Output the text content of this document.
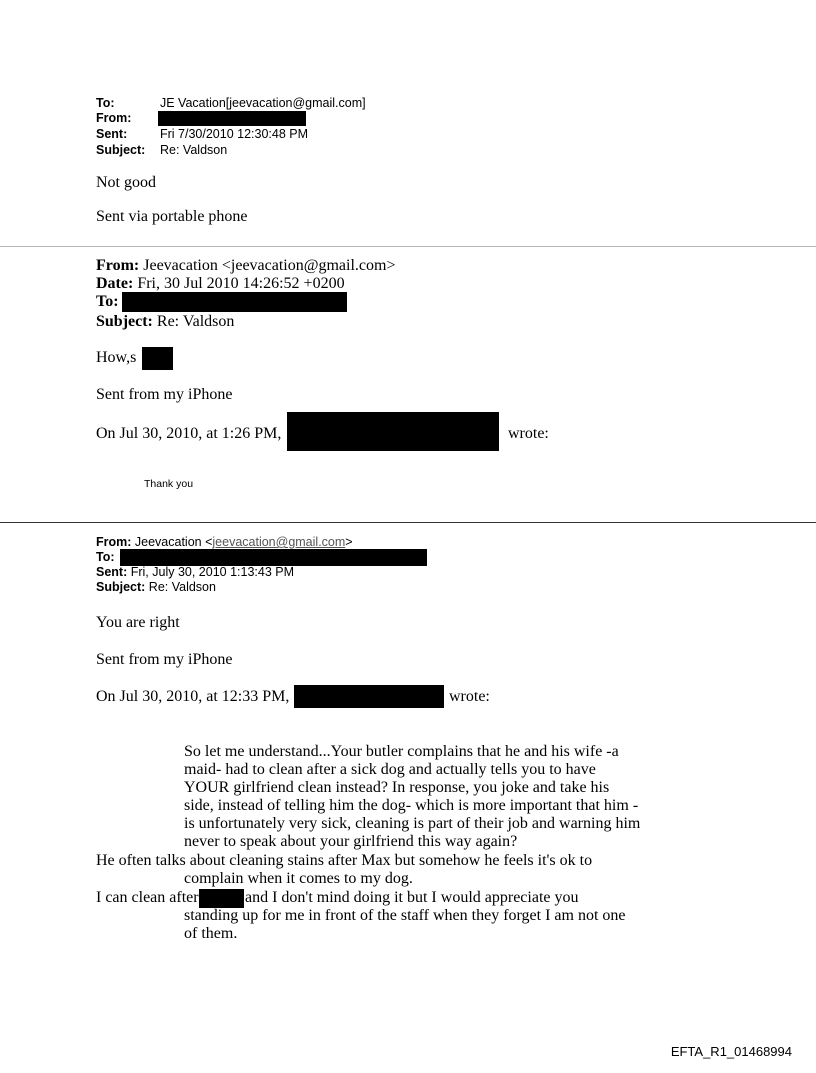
To:	JE Vacation[jeevacation@gmail.com]
From:
Sent:	Fri 7/30/2010 12:30:48 PM
Subject: Re: Valdson
Not good
Sent via portable phone
From: Jeevacation <jeevacation@gmail.com>
Date: Fri, 30 Jul 2010 14:26:52 +0200
To:
Subject: Re: Valdson
How,s
Sent from my iPhone
On Jul 30, 2010, at 1:26 PM,	wrote:
Thank you
From: Jeevacation <jeevacation@gmail.com>
To:
Sent: Fri, July 30, 2010 1:13:43 PM
Subject: Re: Valdson
You are right
Sent from my iPhone
On Jul 30, 2010, at 12:33 PM,	wrote:
So let me understand...Your butler complains that he and his wife -a
maid- had to clean after a sick dog and actually tells you to have
YOUR girlfriend clean instead? In response, you joke and take his
side, instead of telling him the dog- which is more important that him -
is unfortunately very sick, cleaning is part of their job and warning him
never to speak about your girlfriend this way again?
He often talks about cleaning stains after Max but somehow he feels it's ok to
complain when it comes to my dog.
I can clean after	and I don't mind doing it but I would appreciate you
standing up for me in front of the staff when they forget I am not one
of them.
EFTA_R1_01468994
